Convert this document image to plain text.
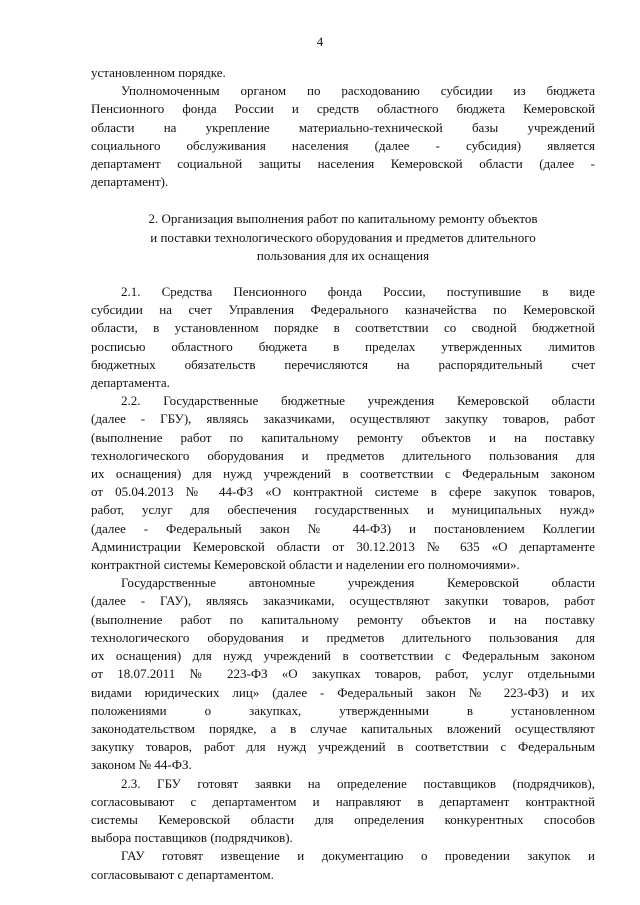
4
установленном порядке.
Уполномоченным органом по расходованию субсидии из бюджета
Пенсионного фонда России и средств областного бюджета Кемеровской
области на укрепление материально-технической базы учреждений
социального обслуживания населения (далее - субсидия) является
департамент социальной защиты населения Кемеровской области (далее -
департамент).
2. Организация выполнения работ по капитальному ремонту объектов
и поставки технологического оборудования и предметов длительного
пользования для их оснащения
2.1. Средства Пенсионного фонда России, поступившие в виде
субсидии на счет Управления Федерального казначейства по Кемеровской
области, в установленном порядке в соответствии со сводной бюджетной
росписью областного бюджета в пределах утвержденных лимитов
бюджетных обязательств перечисляются на распорядительный счет
департамента.
2.2. Государственные бюджетные учреждения Кемеровской области
(далее - ГБУ), являясь заказчиками, осуществляют закупку товаров, работ
(выполнение работ по капитальному ремонту объектов и на поставку
технологического оборудования и предметов длительного пользования для
их оснащения) для нужд учреждений в соответствии с Федеральным законом
от 05.04.2013 № 44-ФЗ «О контрактной системе в сфере закупок товаров,
работ, услуг для обеспечения государственных и муниципальных нужд»
(далее - Федеральный закон № 44-ФЗ) и постановлением Коллегии
Администрации Кемеровской области от 30.12.2013 № 635 «О департаменте
контрактной системы Кемеровской области и наделении его полномочиями».
Государственные автономные учреждения Кемеровской области
(далее - ГАУ), являясь заказчиками, осуществляют закупки товаров, работ
(выполнение работ по капитальному ремонту объектов и на поставку
технологического оборудования и предметов длительного пользования для
их оснащения) для нужд учреждений в соответствии с Федеральным законом
от 18.07.2011 № 223-ФЗ «О закупках товаров, работ, услуг отдельными
видами юридических лиц» (далее - Федеральный закон № 223-ФЗ) и их
положениями о закупках, утвержденными в установленном
законодательством порядке, а в случае капитальных вложений осуществляют
закупку товаров, работ для нужд учреждений в соответствии с Федеральным
законом № 44-ФЗ.
2.3. ГБУ готовят заявки на определение поставщиков (подрядчиков),
согласовывают с департаментом и направляют в департамент контрактной
системы Кемеровской области для определения конкурентных способов
выбора поставщиков (подрядчиков).
ГАУ готовят извещение и документацию о проведении закупок и
согласовывают с департаментом.
